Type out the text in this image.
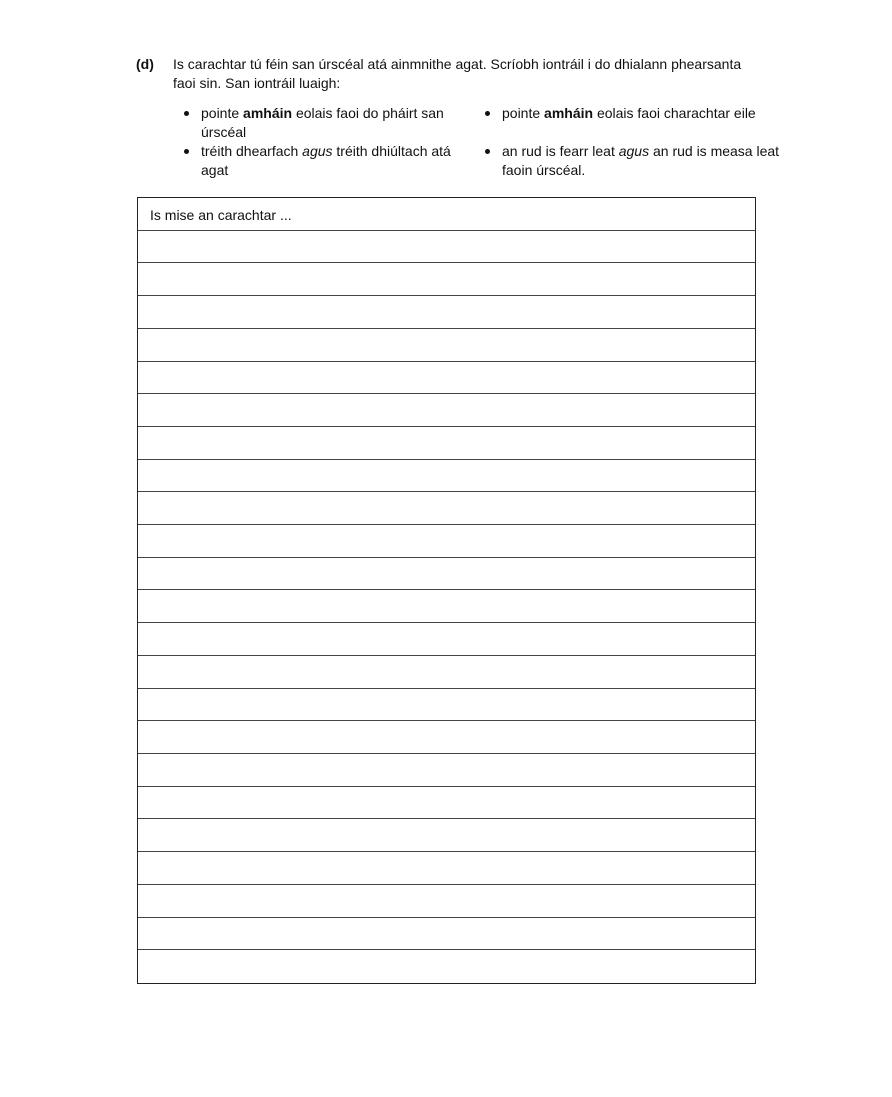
(d) Is carachtar tú féin san úrscéal atá ainmnithe agat. Scríobh iontráil i do dhialann phearsanta faoi sin. San iontráil luaigh:
pointe amháin eolais faoi do pháirt san úrscéal
pointe amháin eolais faoi charachtar eile
tréith dhearfach agus tréith dhiúltach atá agat
an rud is fearr leat agus an rud is measa leat faoin úrscéal.
Is mise an carachtar ...
